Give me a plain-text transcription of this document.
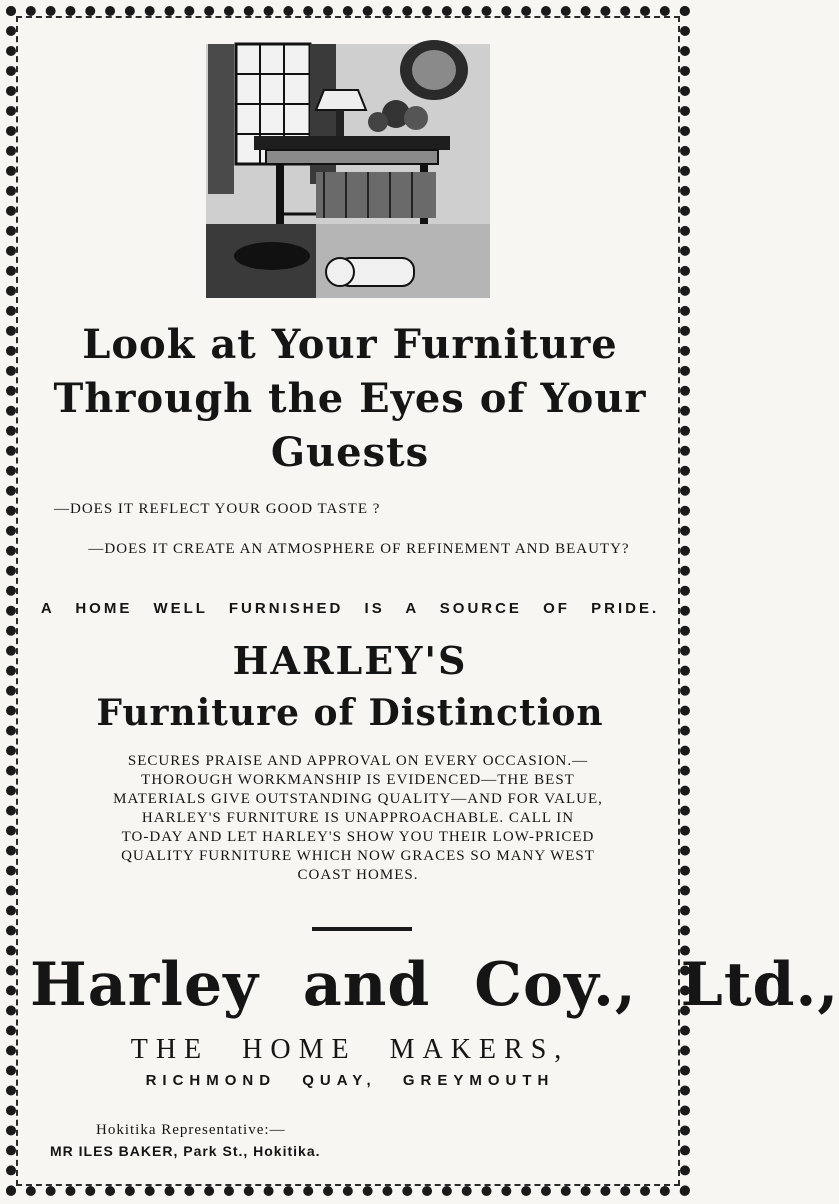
Look at Your Furniture
Through the Eyes of Your
Guests
—DOES IT REFLECT YOUR GOOD TASTE ?
—DOES IT CREATE AN ATMOSPHERE OF REFINEMENT AND BEAUTY?
A HOME WELL FURNISHED IS A SOURCE OF PRIDE.
HARLEY'S
Furniture of Distinction
SECURES PRAISE AND APPROVAL ON EVERY OCCASION.—
THOROUGH WORKMANSHIP IS EVIDENCED—THE BEST
MATERIALS GIVE OUTSTANDING QUALITY—AND FOR VALUE,
HARLEY'S FURNITURE IS UNAPPROACHABLE. CALL IN
TO-DAY AND LET HARLEY'S SHOW YOU THEIR LOW-PRICED
QUALITY FURNITURE WHICH NOW GRACES SO MANY WEST
COAST HOMES.
Harley and Coy., Ltd.,
THE HOME MAKERS,
RICHMOND QUAY, GREYMOUTH
Hokitika Representative:—
MR ILES BAKER, Park St., Hokitika.
